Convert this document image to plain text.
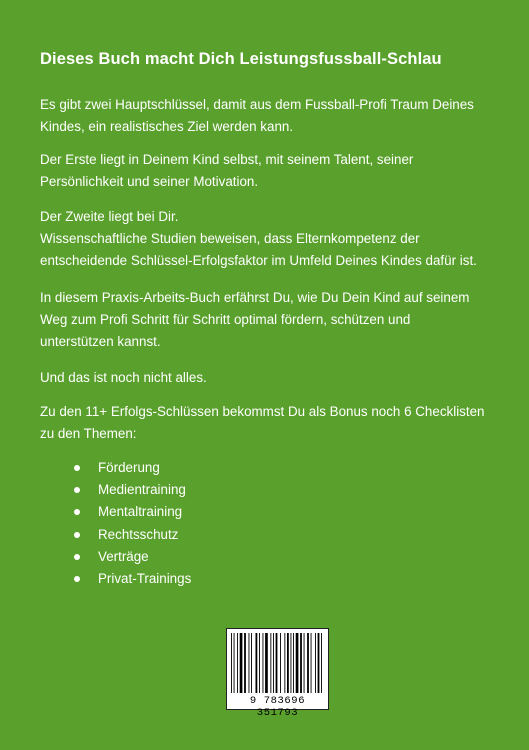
Dieses Buch macht Dich Leistungsfussball-Schlau
Es gibt zwei Hauptschlüssel, damit aus dem Fussball-Profi Traum Deines
Kindes, ein realistisches Ziel werden kann.
Der Erste liegt in Deinem Kind selbst, mit seinem Talent, seiner
Persönlichkeit und seiner Motivation.
Der Zweite liegt bei Dir.
Wissenschaftliche Studien beweisen, dass Elternkompetenz der
entscheidende Schlüssel-Erfolgsfaktor im Umfeld Deines Kindes dafür ist.
In diesem Praxis-Arbeits-Buch erfährst Du, wie Du Dein Kind auf seinem
Weg zum Profi Schritt für Schritt optimal fördern, schützen und
unterstützen kannst.
Und das ist noch nicht alles.
Zu den 11+ Erfolgs-Schlüssen bekommst Du als Bonus noch 6 Checklisten
zu den Themen:
Förderung
Medientraining
Mentaltraining
Rechtsschutz
Verträge
Privat-Trainings
9 783696 351793
